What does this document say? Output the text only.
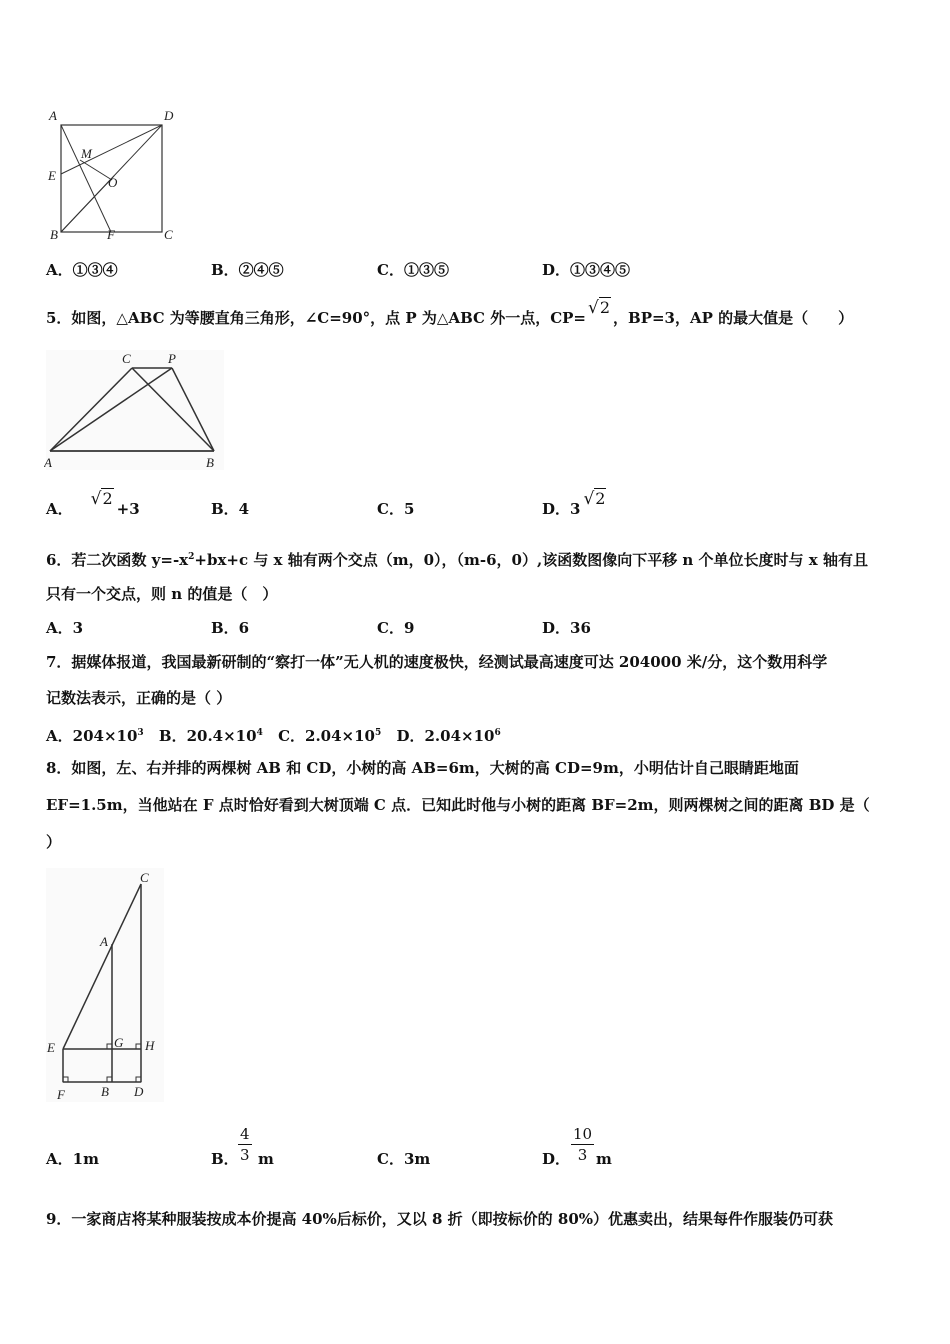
A	D
M
E	O
B	F	C
A．①③④	B．②④⑤	C．①③⑤	D．①③④⑤
5．如图，△ABC 为等腰直角三角形，∠C=90°，点 P 为△ABC 外一点，CP= √2，BP=3，AP 的最大值是（　　）
C	P
A	B
A． √2+3	B．4	C．5	D．3 √2
6．若二次函数 $y=-x^2+bx+c$ 与 x 轴有两个交点（m，0），（m-6，0）,该函数图像向下平移 n 个单位长度时与 x 轴有且
只有一个交点，则 n 的值是（　）
A．3	B．6	C．9	D．36
7．据媒体报道，我国最新研制的“察打一体”无人机的速度极快，经测试最高速度可达 204000 米/分，这个数用科学
记数法表示，正确的是（ ）
A．$204\times 10^3$ B．$20.4\times 10^4$ C．$2.04\times 10^5$ D．$2.04\times 10^6$
8．如图，左、右并排的两棵树 AB 和 CD，小树的高 AB=6m，大树的高 CD=9m，小明估计自己眼睛距地面
EF=1.5m，当他站在 F 点时恰好看到大树顶端 C 点．已知此时他与小树的距离 BF=2m，则两棵树之间的距离 BD 是（
）
C
A
E	G H
F	B D
A．1m	B． $\frac{4}{3}$ m	C．3m	D． $\frac{10}{3}$ m
9．一家商店将某种服装按成本价提高 40%后标价，又以 8 折（即按标价的 80%）优惠卖出，结果每件作服装仍可获
